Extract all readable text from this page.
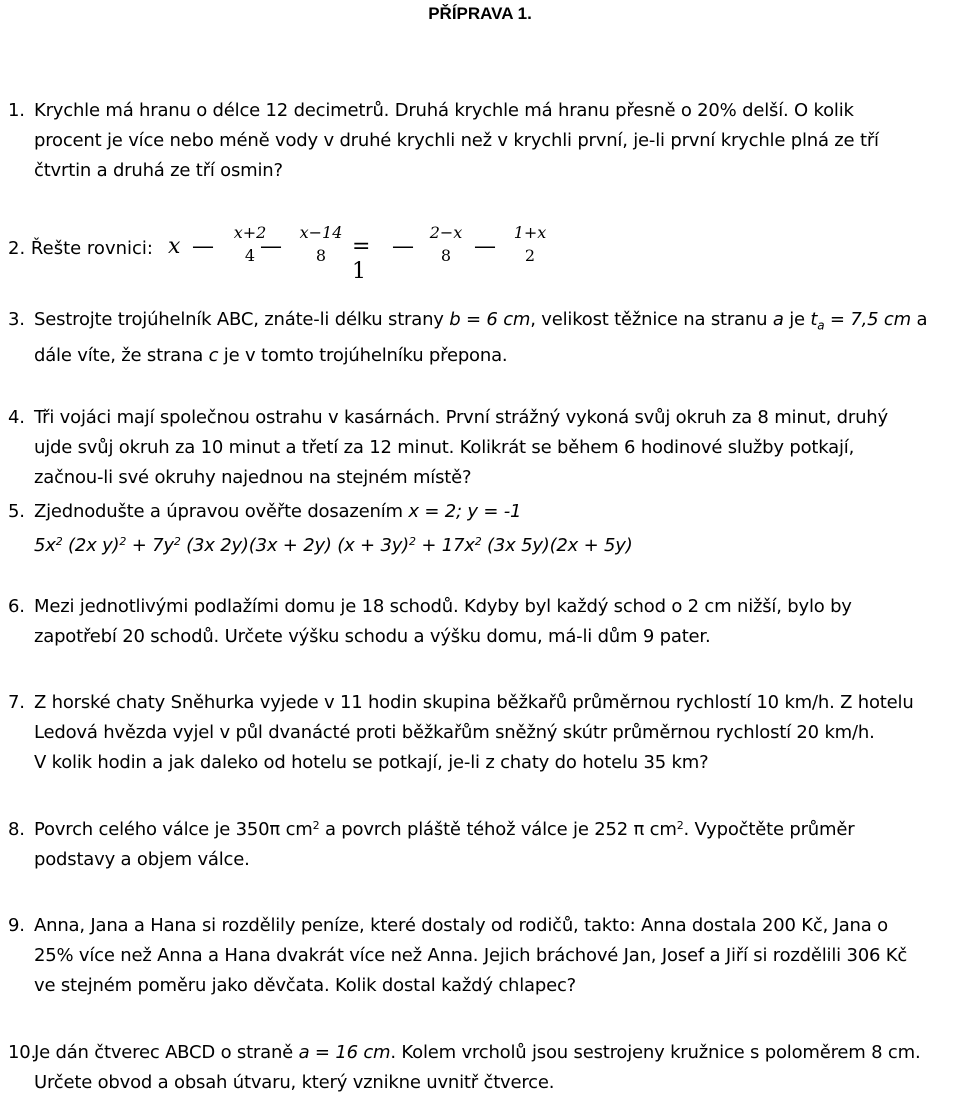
PŘÍPRAVA 1.
1. Krychle má hranu o délce 12 decimetrů. Druhá krychle má hranu přesně o 20% delší. O kolik
procent je více nebo méně vody v druhé krychli než v krychli první, je-li první krychle plná ze tří
čtvrtin a druhá ze tří osmin?
2. Řešte rovnici: x —
x+2
4 —
x−14
8	= 1
—
2−x
8	—
1+x
2
3. Sestrojte trojúhelník ABC, znáte-li délku strany b = 6 cm, velikost těžnice na stranu a je $t_a = 7,5$ cm a
dále víte, že strana c je v tomto trojúhelníku přepona.
4. Tři vojáci mají společnou ostrahu v kasárnách. První strážný vykoná svůj okruh za 8 minut, druhý
ujde svůj okruh za 10 minut a třetí za 12 minut. Kolikrát se během 6 hodinové služby potkají,
začnou-li své okruhy najednou na stejném místě?
5. Zjednodušte a úpravou ověřte dosazením x = 2; y = -1
$5x^2$ (2x $y)^2 + 7y^2$ (3x 2y)(3x + 2y) $(x + 3y)^2 + 17x^2$ (3x 5y)(2x + 5y)
6. Mezi jednotlivými podlažími domu je 18 schodů. Kdyby byl každý schod o 2 cm nižší, bylo by
zapotřebí 20 schodů. Určete výšku schodu a výšku domu, má-li dům 9 pater.
7. Z horské chaty Sněhurka vyjede v 11 hodin skupina běžkařů průměrnou rychlostí 10 km/h. Z hotelu
Ledová hvězda vyjel v půl dvanácté proti běžkařům sněžný skútr průměrnou rychlostí 20 km/h.
V kolik hodin a jak daleko od hotelu se potkají, je-li z chaty do hotelu 35 km?
8. Povrch celého válce je 350π $cm^2$ a povrch pláště téhož válce je 252 π $cm^2$. Vypočtěte průměr
podstavy a objem válce.
9. Anna, Jana a Hana si rozdělily peníze, které dostaly od rodičů, takto: Anna dostala 200 Kč, Jana o
25% více než Anna a Hana dvakrát více než Anna. Jejich bráchové Jan, Josef a Jiří si rozdělili 306 Kč
ve stejném poměru jako děvčata. Kolik dostal každý chlapec?
10.Je dán čtverec ABCD o straně a = 16 cm. Kolem vrcholů jsou sestrojeny kružnice s poloměrem 8 cm.
Určete obvod a obsah útvaru, který vznikne uvnitř čtverce.
